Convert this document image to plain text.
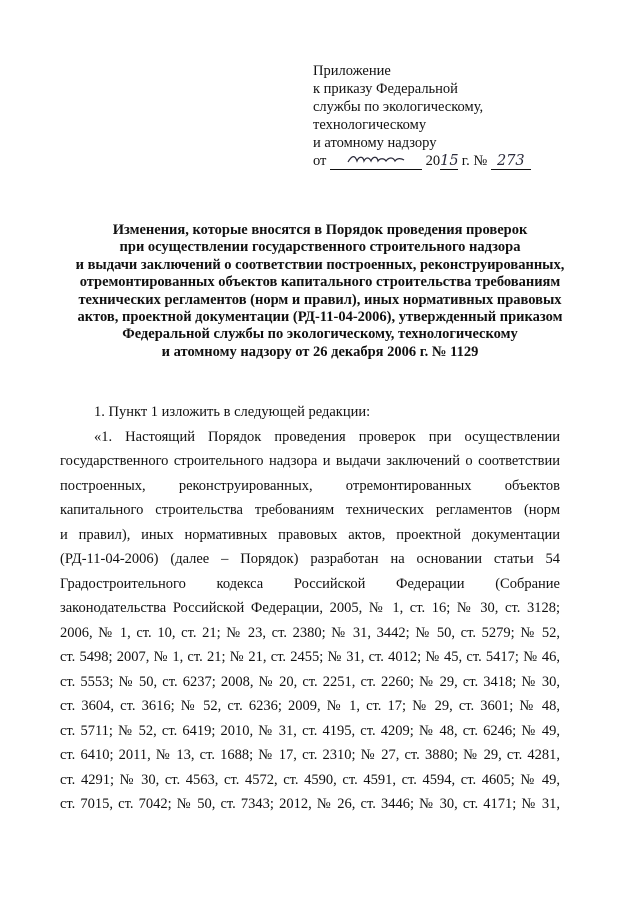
Приложение
к приказу Федеральной
службы по экологическому,
технологическому
и атомному надзору
от	2015 г. № 273
Изменения, которые вносятся в Порядок проведения проверок
при осуществлении государственного строительного надзора
и выдачи заключений о соответствии построенных, реконструированных,
отремонтированных объектов капитального строительства требованиям
технических регламентов (норм и правил), иных нормативных правовых
актов, проектной документации (РД-11-04-2006), утвержденный приказом
Федеральной службы по экологическому, технологическому
и атомному надзору от 26 декабря 2006 г. № 1129
1. Пункт 1 изложить в следующей редакции:
«1. Настоящий Порядок проведения проверок при осуществлении
государственного строительного надзора и выдачи заключений о соответствии
построенных, реконструированных, отремонтированных объектов
капитального строительства требованиям технических регламентов (норм
и правил), иных нормативных правовых актов, проектной документации
(РД-11-04-2006) (далее – Порядок) разработан на основании статьи 54
Градостроительного кодекса Российской Федерации (Собрание
законодательства Российской Федерации, 2005, № 1, ст. 16; № 30, ст. 3128;
2006, № 1, ст. 10, ст. 21; № 23, ст. 2380; № 31, 3442; № 50, ст. 5279; № 52,
ст. 5498; 2007, № 1, ст. 21; № 21, ст. 2455; № 31, ст. 4012; № 45, ст. 5417; № 46,
ст. 5553; № 50, ст. 6237; 2008, № 20, ст. 2251, ст. 2260; № 29, ст. 3418; № 30,
ст. 3604, ст. 3616; № 52, ст. 6236; 2009, № 1, ст. 17; № 29, ст. 3601; № 48,
ст. 5711; № 52, ст. 6419; 2010, № 31, ст. 4195, ст. 4209; № 48, ст. 6246; № 49,
ст. 6410; 2011, № 13, ст. 1688; № 17, ст. 2310; № 27, ст. 3880; № 29, ст. 4281,
ст. 4291; № 30, ст. 4563, ст. 4572, ст. 4590, ст. 4591, ст. 4594, ст. 4605; № 49,
ст. 7015, ст. 7042; № 50, ст. 7343; 2012, № 26, ст. 3446; № 30, ст. 4171; № 31,
